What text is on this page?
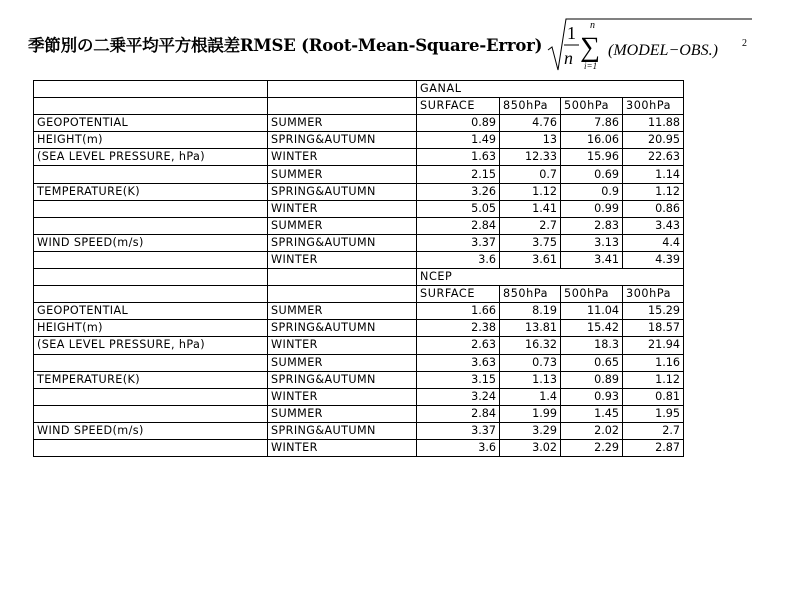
季節別の二乗平均平方根誤差RMSE (Root-Mean-Square-Error)
1
n
n
∑
i=1
(MODEL−OBS.) 2
		GANAL			
		SURFACE	850hPa	500hPa	300hPa
GEOPOTENTIAL	SUMMER	0.89	4.76	7.86	11.88
HEIGHT(m)	SPRING&AUTUMN	1.49	13	16.06	20.95
(SEA LEVEL PRESSURE, hPa)	WINTER	1.63	12.33	15.96	22.63
	SUMMER	2.15	0.7	0.69	1.14
TEMPERATURE(K)	SPRING&AUTUMN	3.26	1.12	0.9	1.12
	WINTER	5.05	1.41	0.99	0.86
	SUMMER	2.84	2.7	2.83	3.43
WIND SPEED(m/s)	SPRING&AUTUMN	3.37	3.75	3.13	4.4
	WINTER	3.6	3.61	3.41	4.39
		NCEP			
		SURFACE	850hPa	500hPa	300hPa
GEOPOTENTIAL	SUMMER	1.66	8.19	11.04	15.29
HEIGHT(m)	SPRING&AUTUMN	2.38	13.81	15.42	18.57
(SEA LEVEL PRESSURE, hPa)	WINTER	2.63	16.32	18.3	21.94
	SUMMER	3.63	0.73	0.65	1.16
TEMPERATURE(K)	SPRING&AUTUMN	3.15	1.13	0.89	1.12
	WINTER	3.24	1.4	0.93	0.81
	SUMMER	2.84	1.99	1.45	1.95
WIND SPEED(m/s)	SPRING&AUTUMN	3.37	3.29	2.02	2.7
	WINTER	3.6	3.02	2.29	2.87
